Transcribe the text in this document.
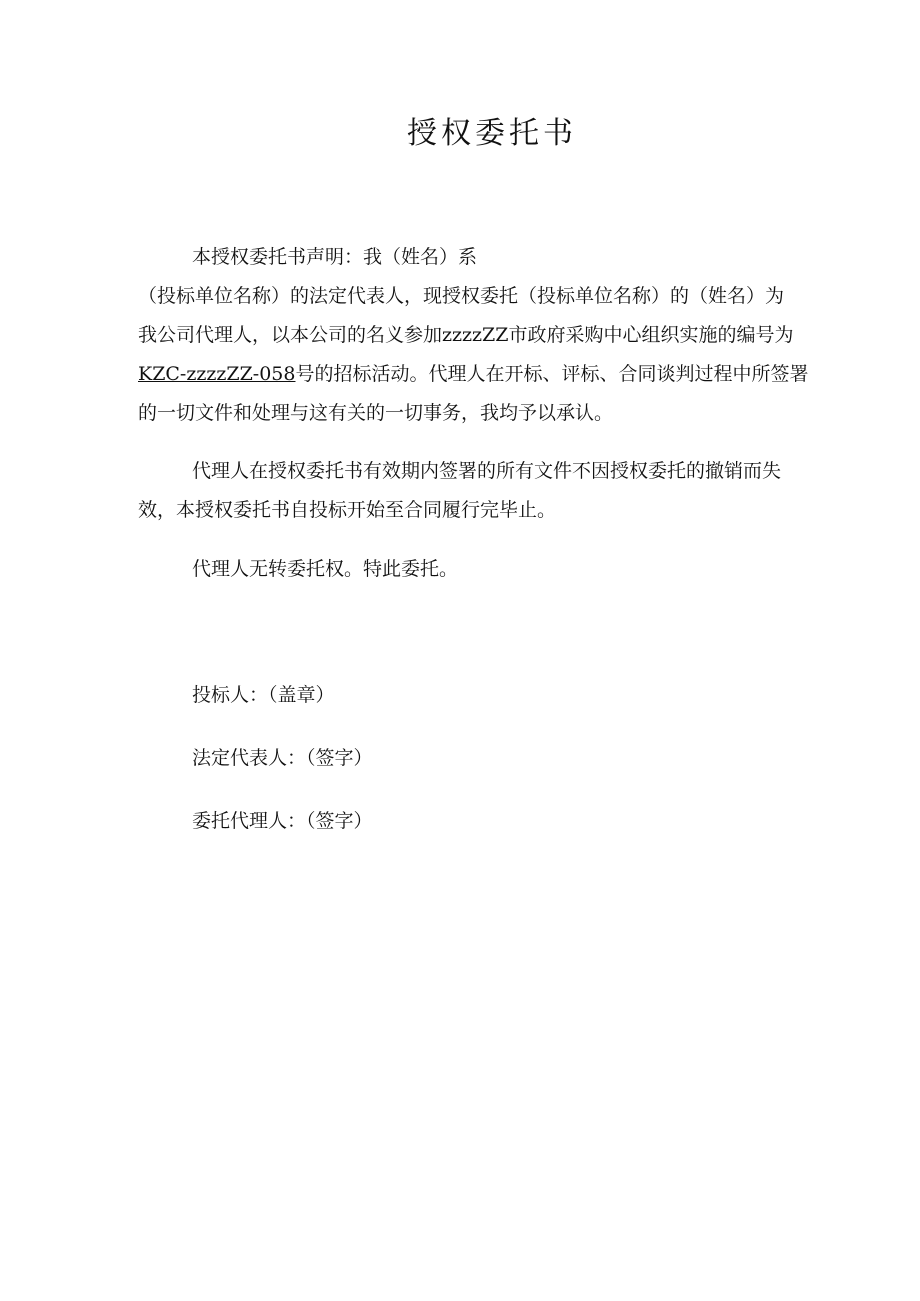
授权委托书
本授权委托书声明：我（姓名）系
（投标单位名称）的法定代表人，现授权委托（投标单位名称）的（姓名）为
我公司代理人，以本公司的名义参加zzzzZZ市政府采购中心组织实施的编号为
KZC-zzzzZZ-058号的招标活动。代理人在开标、评标、合同谈判过程中所签署
的一切文件和处理与这有关的一切事务，我均予以承认。
代理人在授权委托书有效期内签署的所有文件不因授权委托的撤销而失
效，本授权委托书自投标开始至合同履行完毕止。
代理人无转委托权。特此委托。
投标人：（盖章）
法定代表人：（签字）
委托代理人：（签字）
